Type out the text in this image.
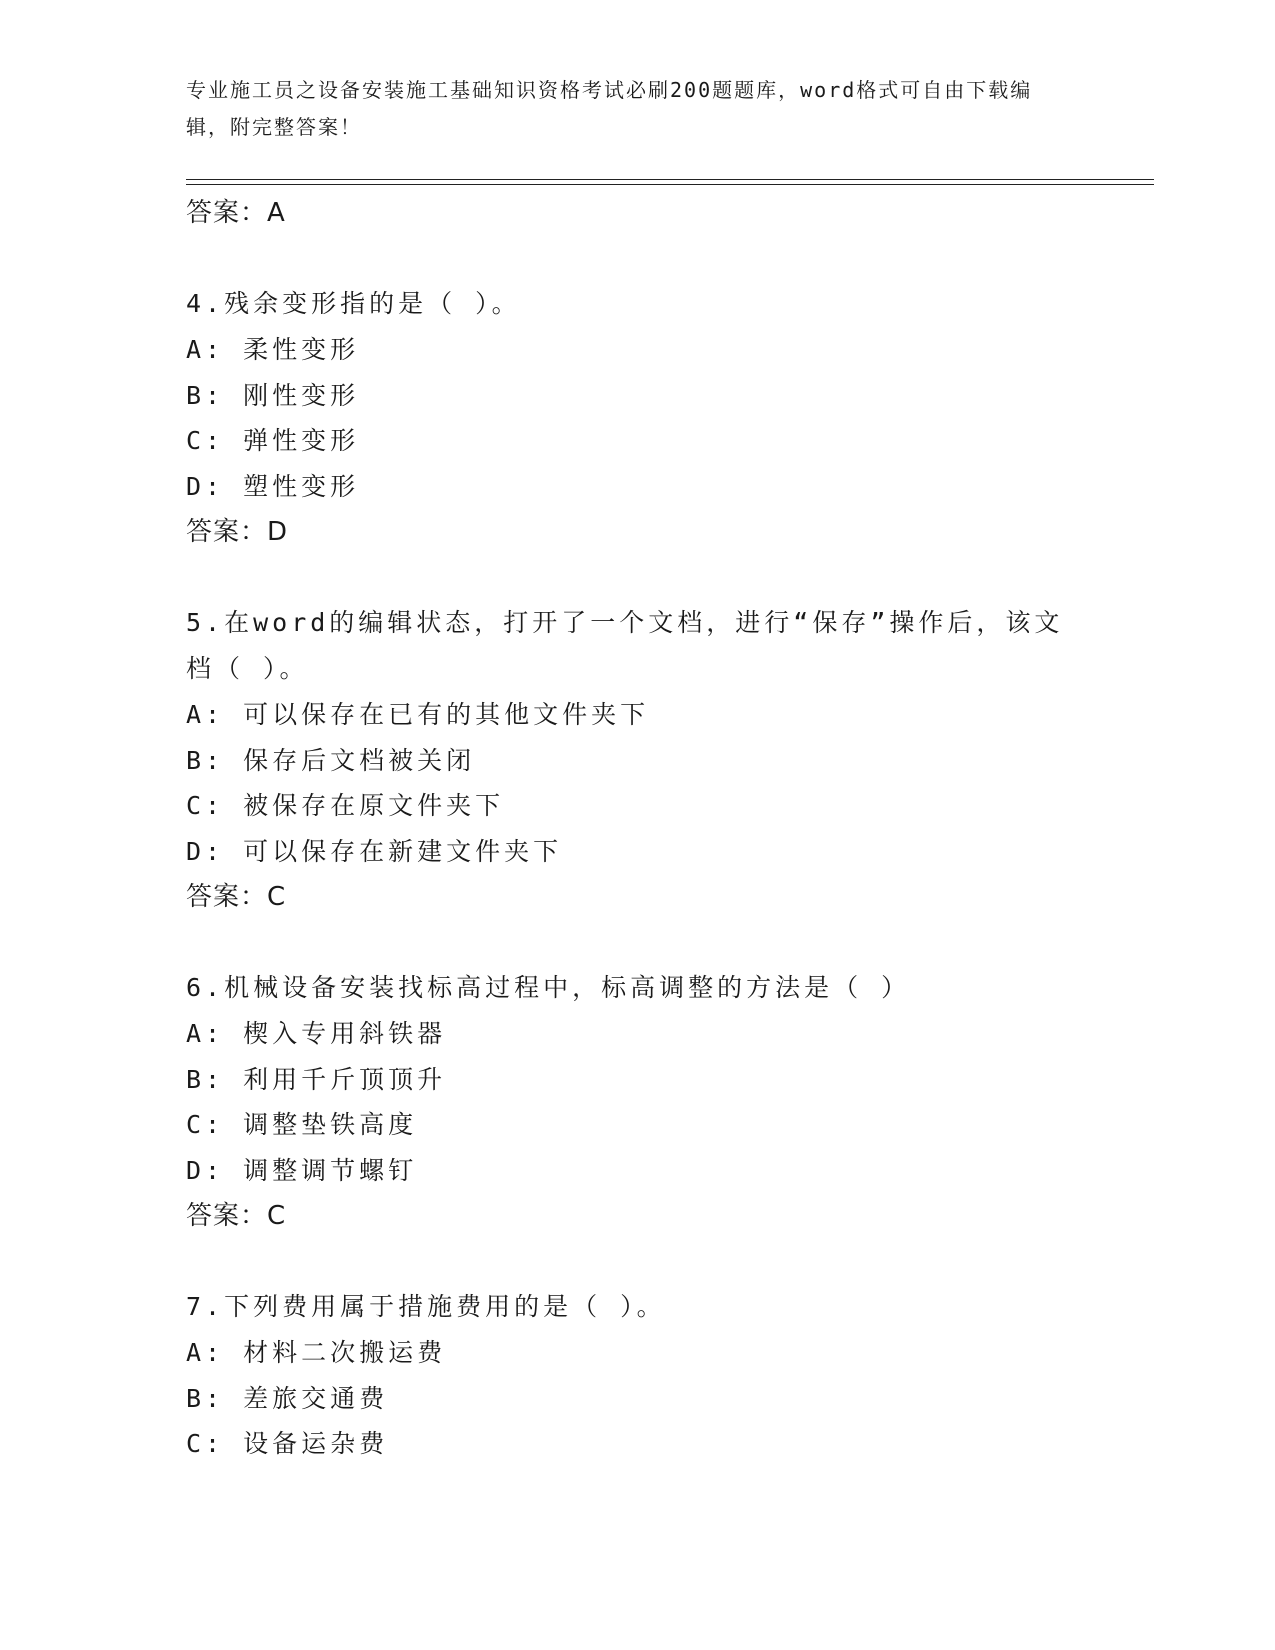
专业施工员之设备安装施工基础知识资格考试必刷200题题库，word格式可自由下载编辑，附完整答案！
答案：A
4.残余变形指的是（ ）。
A: 柔性变形
B: 刚性变形
C: 弹性变形
D: 塑性变形
答案：D
5.在word的编辑状态，打开了一个文档，进行“保存”操作后，该文档（ ）。
A: 可以保存在已有的其他文件夹下
B: 保存后文档被关闭
C: 被保存在原文件夹下
D: 可以保存在新建文件夹下
答案：C
6.机械设备安装找标高过程中，标高调整的方法是（ ）
A: 楔入专用斜铁器
B: 利用千斤顶顶升
C: 调整垫铁高度
D: 调整调节螺钉
答案：C
7.下列费用属于措施费用的是（ ）。
A: 材料二次搬运费
B: 差旅交通费
C: 设备运杂费
